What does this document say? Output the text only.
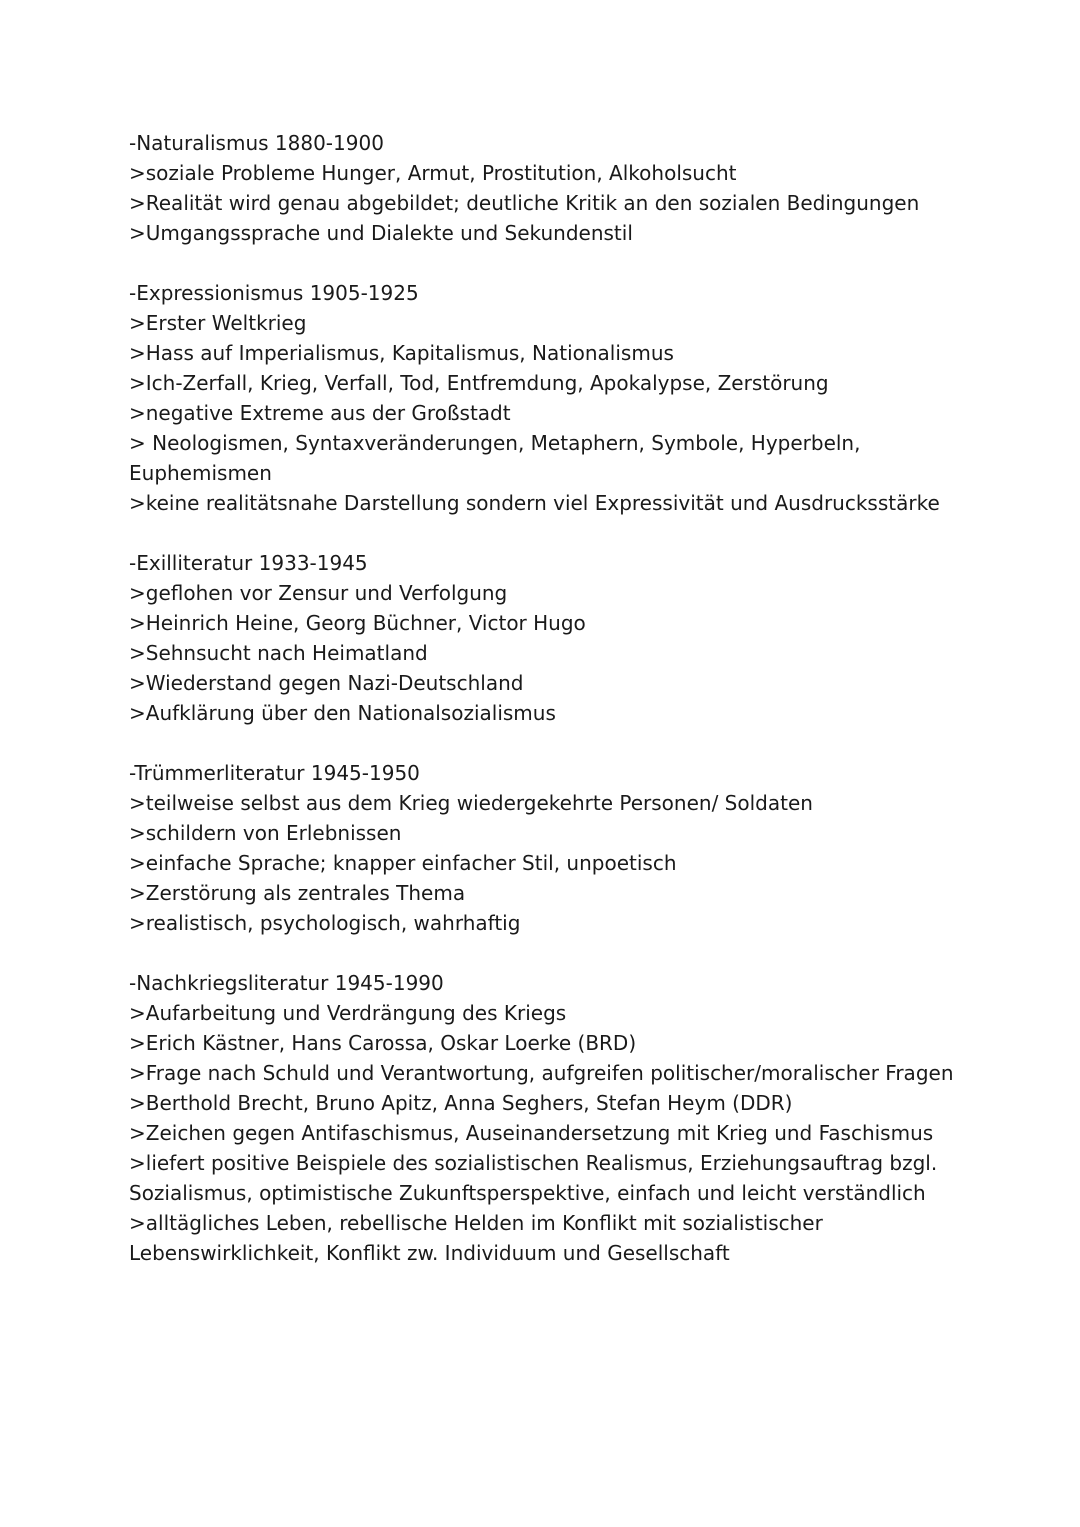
-Naturalismus 1880-1900
>soziale Probleme Hunger, Armut, Prostitution, Alkoholsucht
>Realität wird genau abgebildet; deutliche Kritik an den sozialen Bedingungen
>Umgangssprache und Dialekte und Sekundenstil
-Expressionismus 1905-1925
>Erster Weltkrieg
>Hass auf Imperialismus, Kapitalismus, Nationalismus
>Ich-Zerfall, Krieg, Verfall, Tod, Entfremdung, Apokalypse, Zerstörung
>negative Extreme aus der Großstadt
> Neologismen, Syntaxveränderungen, Metaphern, Symbole, Hyperbeln,
Euphemismen
>keine realitätsnahe Darstellung sondern viel Expressivität und Ausdrucksstärke
-Exilliteratur 1933-1945
>geflohen vor Zensur und Verfolgung
>Heinrich Heine, Georg Büchner, Victor Hugo
>Sehnsucht nach Heimatland
>Wiederstand gegen Nazi-Deutschland
>Aufklärung über den Nationalsozialismus
-Trümmerliteratur 1945-1950
>teilweise selbst aus dem Krieg wiedergekehrte Personen/ Soldaten
>schildern von Erlebnissen
>einfache Sprache; knapper einfacher Stil, unpoetisch
>Zerstörung als zentrales Thema
>realistisch, psychologisch, wahrhaftig
-Nachkriegsliteratur 1945-1990
>Aufarbeitung und Verdrängung des Kriegs
>Erich Kästner, Hans Carossa, Oskar Loerke (BRD)
>Frage nach Schuld und Verantwortung, aufgreifen politischer/moralischer Fragen
>Berthold Brecht, Bruno Apitz, Anna Seghers, Stefan Heym (DDR)
>Zeichen gegen Antifaschismus, Auseinandersetzung mit Krieg und Faschismus
>liefert positive Beispiele des sozialistischen Realismus, Erziehungsauftrag bzgl.
Sozialismus, optimistische Zukunftsperspektive, einfach und leicht verständlich
>alltägliches Leben, rebellische Helden im Konflikt mit sozialistischer
Lebenswirklichkeit, Konflikt zw. Individuum und Gesellschaft
